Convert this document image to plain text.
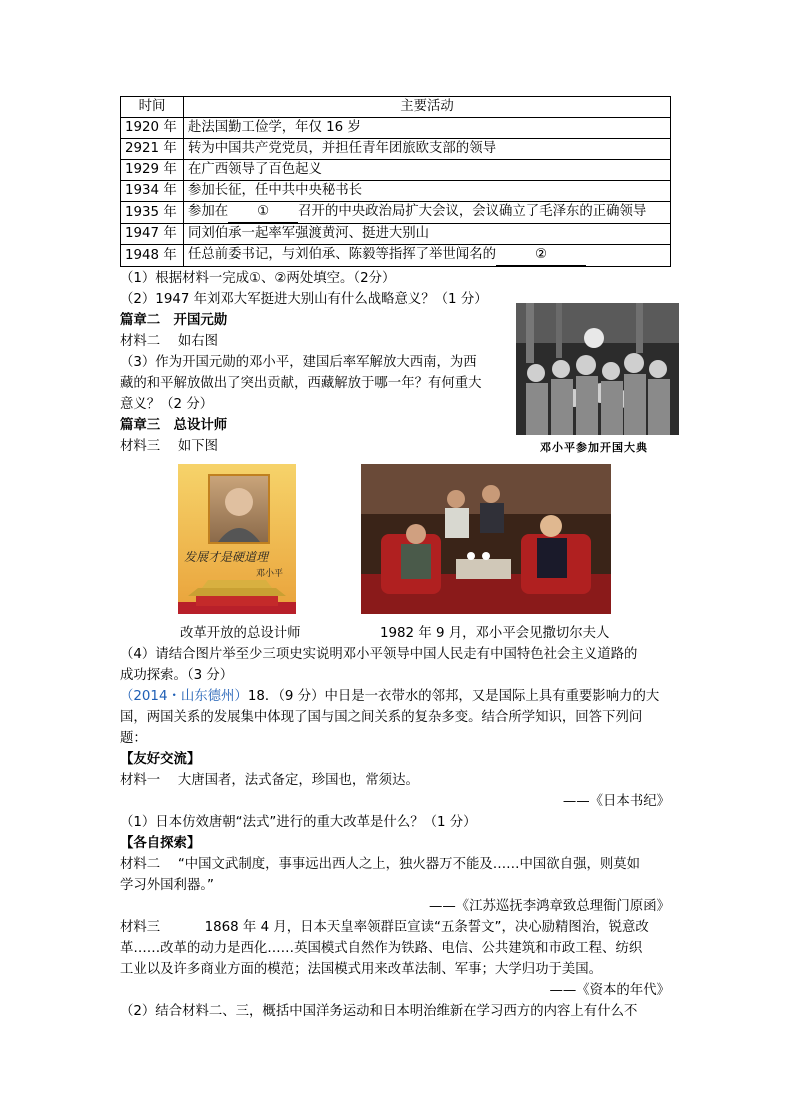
时间	主要活动
1920 年	赴法国勤工俭学，年仅 16 岁
2921 年	转为中国共产党党员，并担任青年团旅欧支部的领导
1929 年	在广西领导了百色起义
1934 年	参加长征，任中共中央秘书长
1935 年	参加在 ① 召开的中央政治局扩大会议，会议确立了毛泽东的正确领导
1947 年	同刘伯承一起率军强渡黄河、挺进大别山
1948 年	任总前委书记，与刘伯承、陈毅等指挥了举世闻名的 ②
（1）根据材料一完成①、②两处填空。（2分）
（2）1947 年刘邓大军挺进大别山有什么战略意义？（1 分）
篇章二　开国元勋
材料二　 如右图
（3）作为开国元勋的邓小平，建国后率军解放大西南，为西
藏的和平解放做出了突出贡献，西藏解放于哪一年？有何重大
意义？（2 分）
篇章三　总设计师
材料三　 如下图	邓小平参加开国大典
发展才是硬道理
邓小平
改革开放的总设计师	1982 年 9 月，邓小平会见撒切尔夫人
（4）请结合图片举至少三项史实说明邓小平领导中国人民走有中国特色社会主义道路的
成功探索。（3 分）
（2014・山东德州）18．（9 分）中日是一衣带水的邻邦，又是国际上具有重要影响力的大
国，两国关系的发展集中体现了国与国之间关系的复杂多变。结合所学知识，回答下列问
题：
【友好交流】
材料一　 大唐国者，法式备定，珍国也，常须达。
——《日本书纪》
（1）日本仿效唐朝“法式”进行的重大改革是什么？（1 分）
【各自探索】
材料二　 “中国文武制度，事事远出西人之上，独火器万不能及……中国欲自强，则莫如
学习外国利器。”
——《江苏巡抚李鸿章致总理衙门原函》
材料三　　　 1868 年 4 月，日本天皇率领群臣宣读“五条誓文”，决心励精图治，锐意改
革……改革的动力是西化……英国模式自然作为铁路、电信、公共建筑和市政工程、纺织
工业以及许多商业方面的模范；法国模式用来改革法制、军事；大学归功于美国。
——《资本的年代》
（2）结合材料二、三，概括中国洋务运动和日本明治维新在学习西方的内容上有什么不
